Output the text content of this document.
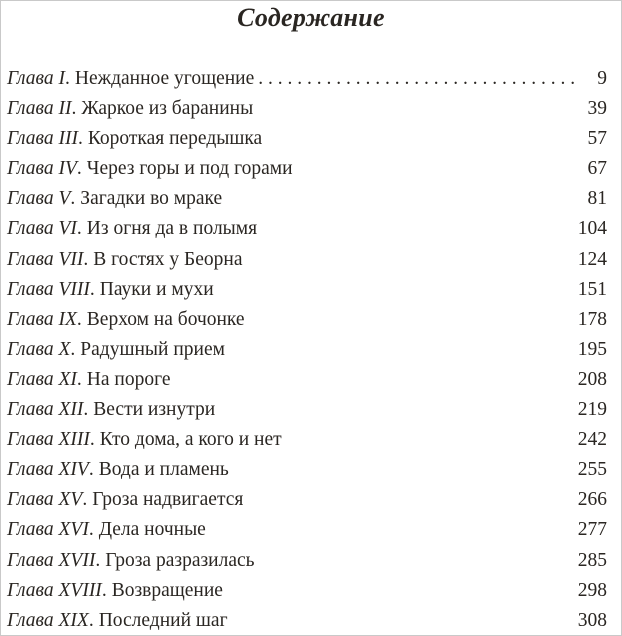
Содержание
Глава I . Нежданное угощение . . .	9
Глава II . Жаркое из баранины	39
Глава III . Короткая передышка	57
Глава IV . Через горы и под горами	67
Глава V . Загадки во мраке	81
Глава VI . Из огня да в полымя	104
Глава VII . В гостях у Беорна	124
Глава VIII . Пауки и мухи	151
Глава IX . Верхом на бочонке	178
Глава X . Радушный прием	195
Глава XI . На пороге	208
Глава XII . Вести изнутри	219
Глава XIII . Кто дома, а кого и нет	242
Глава XIV . Вода и пламень	255
Глава XV . Гроза надвигается	266
Глава XVI . Дела ночные	277
Глава XVII . Гроза разразилась	285
Глава XVIII . Возвращение	298
Глава XIX . Последний шаг	308
